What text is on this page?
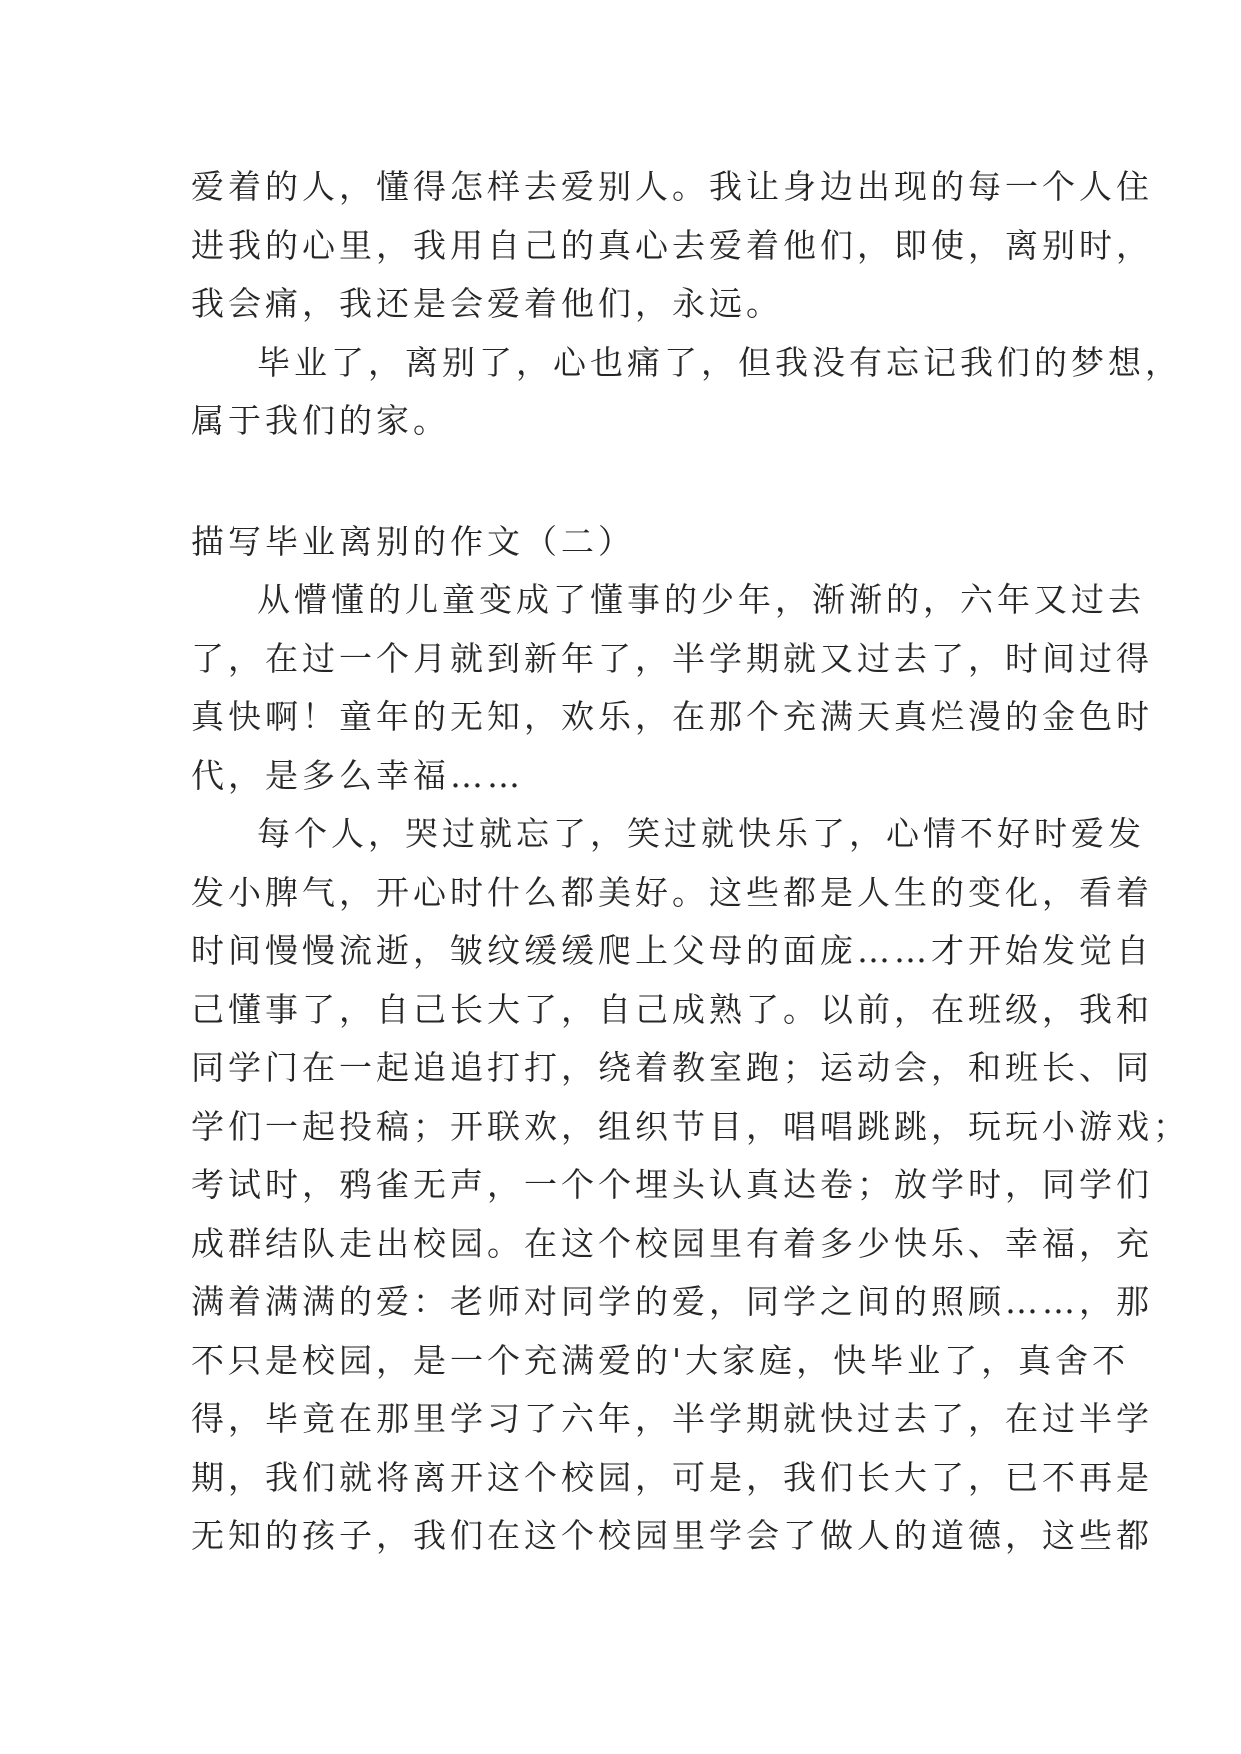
爱着的人，懂得怎样去爱别人。我让身边出现的每一个人住
进我的心里，我用自己的真心去爱着他们，即使，离别时，
我会痛，我还是会爱着他们，永远。
毕业了，离别了，心也痛了，但我没有忘记我们的梦想，
属于我们的家。
描写毕业离别的作文（二）
从懵懂的儿童变成了懂事的少年，渐渐的，六年又过去
了，在过一个月就到新年了，半学期就又过去了，时间过得
真快啊！童年的无知，欢乐，在那个充满天真烂漫的金色时
代，是多么幸福……
每个人，哭过就忘了，笑过就快乐了，心情不好时爱发
发小脾气，开心时什么都美好。这些都是人生的变化，看着
时间慢慢流逝，皱纹缓缓爬上父母的面庞……才开始发觉自
己懂事了，自己长大了，自己成熟了。以前，在班级，我和
同学门在一起追追打打，绕着教室跑；运动会，和班长、同
学们一起投稿；开联欢，组织节目，唱唱跳跳，玩玩小游戏；
考试时，鸦雀无声，一个个埋头认真达卷；放学时，同学们
成群结队走出校园。在这个校园里有着多少快乐、幸福，充
满着满满的爱：老师对同学的爱，同学之间的照顾……，那
不只是校园，是一个充满爱的'大家庭，快毕业了，真舍不
得，毕竟在那里学习了六年，半学期就快过去了，在过半学
期，我们就将离开这个校园，可是，我们长大了，已不再是
无知的孩子，我们在这个校园里学会了做人的道德，这些都
